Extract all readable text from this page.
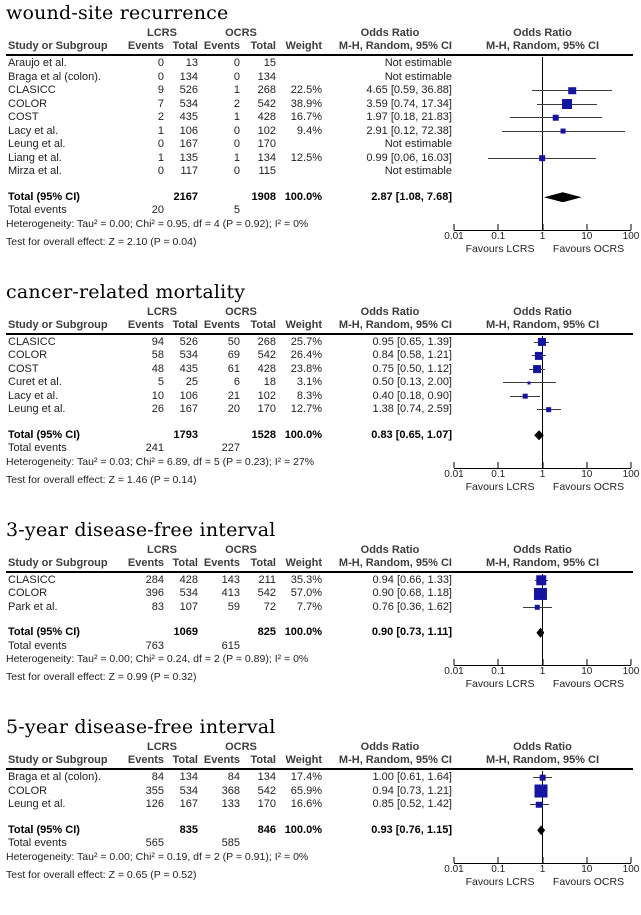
wound-site recurrence
LCRS	OCRS	Odds Ratio	Odds Ratio
Study or Subgroup	Events Total Events Total Weight	M-H, Random, 95% CI	M-H, Random, 95% CI
Araujo et al.	0	13	0	15	Not estimable
Braga et al (colon).	0	134	0	134	Not estimable
CLASICC	9	526	1	268	22.5%	4.65 [0.59, 36.88]
COLOR	7	534	2	542	38.9%	3.59 [0.74, 17.34]
COST	2	435	1	428	16.7%	1.97 [0.18, 21.83]
Lacy et al.	1	106	0	102	9.4%	2.91 [0.12, 72.38]
Leung et al.	0	167	0	170	Not estimable
Liang et al.	1	135	1	134	12.5%	0.99 [0.06, 16.03]
Mirza et al.	0	117	0	115	Not estimable
Total (95% CI)	2167	1908 100.0%	2.87 [1.08, 7.68]
Total events	20	5
Heterogeneity: Tau² = 0.00; Chi² = 0.95, df = 4 (P = 0.92); I² = 0%
Test for overall effect: Z = 2.10 (P = 0.04)	0.01	0.1	1	10	100
Favours LCRS Favours OCRS
cancer-related mortality
LCRS	OCRS	Odds Ratio	Odds Ratio
Study or Subgroup	Events Total Events Total Weight	M-H, Random, 95% CI	M-H, Random, 95% CI
CLASICC	94	526	50	268	25.7%	0.95 [0.65, 1.39]
COLOR	58	534	69	542	26.4%	0.84 [0.58, 1.21]
COST	48	435	61	428	23.8%	0.75 [0.50, 1.12]
Curet et al.	5	25	6	18	3.1%	0.50 [0.13, 2.00]
Lacy et al.	10	106	21	102	8.3%	0.40 [0.18, 0.90]
Leung et al.	26	167	20	170	12.7%	1.38 [0.74, 2.59]
Total (95% CI)	1793	1528 100.0%	0.83 [0.65, 1.07]
Total events	241	227
Heterogeneity: Tau² = 0.03; Chi² = 6.89, df = 5 (P = 0.23); I² = 27%
Test for overall effect: Z = 1.46 (P = 0.14)	0.01	0.1	1	10	100
Favours LCRS Favours OCRS
3-year disease-free interval
LCRS	OCRS	Odds Ratio	Odds Ratio
Study or Subgroup	Events Total Events Total Weight	M-H, Random, 95% CI	M-H, Random, 95% CI
CLASICC	284	428	143	211	35.3%	0.94 [0.66, 1.33]
COLOR	396	534	413	542	57.0%	0.90 [0.68, 1.18]
Park et al.	83	107	59	72	7.7%	0.76 [0.36, 1.62]
Total (95% CI)	1069	825 100.0%	0.90 [0.73, 1.11]
Total events	763	615
Heterogeneity: Tau² = 0.00; Chi² = 0.24, df = 2 (P = 0.89); I² = 0%
Test for overall effect: Z = 0.99 (P = 0.32)	0.01	0.1	1	10	100
Favours LCRS Favours OCRS
5-year disease-free interval
LCRS	OCRS	Odds Ratio	Odds Ratio
Study or Subgroup	Events Total Events Total Weight	M-H, Random, 95% CI	M-H, Random, 95% CI
Braga et al (colon).	84	134	84	134	17.4%	1.00 [0.61, 1.64]
COLOR	355	534	368	542	65.9%	0.94 [0.73, 1.21]
Leung et al.	126	167	133	170	16.6%	0.85 [0.52, 1.42]
Total (95% CI)	835	846 100.0%	0.93 [0.76, 1.15]
Total events	565	585
Heterogeneity: Tau² = 0.00; Chi² = 0.19, df = 2 (P = 0.91); I² = 0%
Test for overall effect: Z = 0.65 (P = 0.52)	0.01	0.1	1	10	100
Favours LCRS Favours OCRS
